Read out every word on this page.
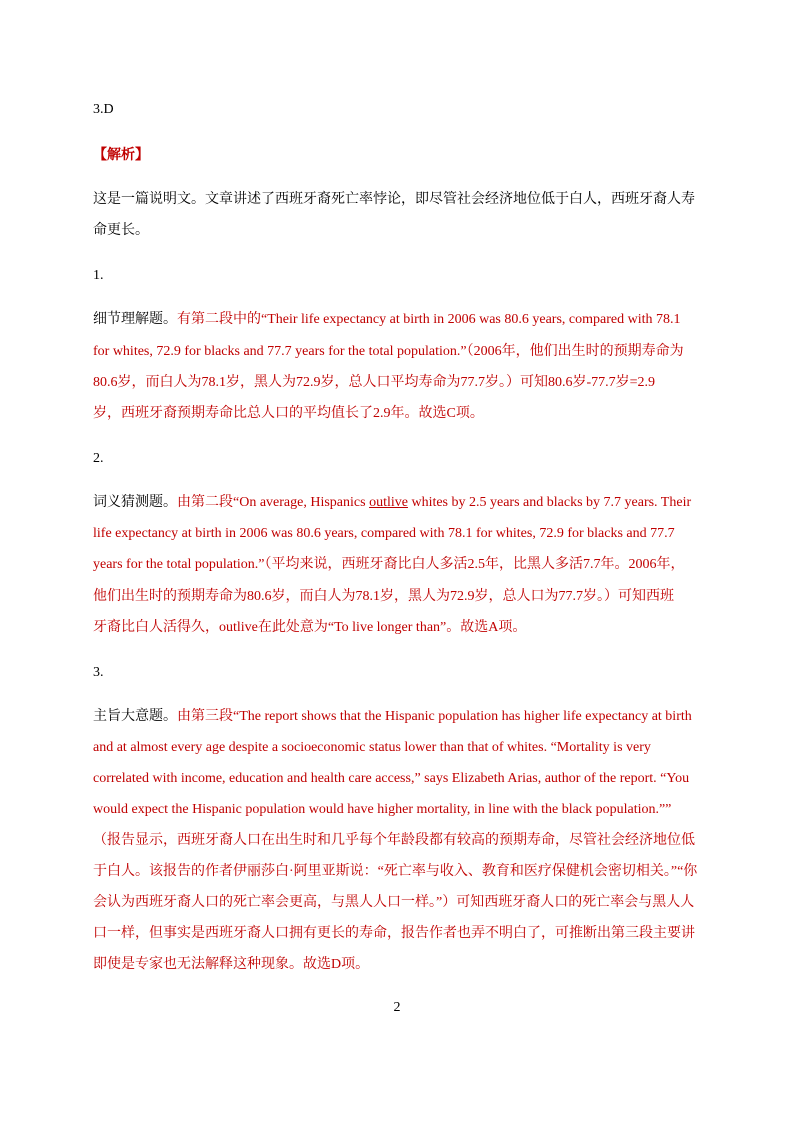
3.D
【解析】
这是一篇说明文。文章讲述了西班牙裔死亡率悖论，即尽管社会经济地位低于白人，西班牙裔人寿
命更长。
1.
细节理解题。有第二段中的“Their life expectancy at birth in 2006 was 80.6 years, compared with 78.1
for whites, 72.9 for blacks and 77.7 years for the total population.”（2006年，他们出生时的预期寿命为
80.6岁，而白人为78.1岁，黑人为72.9岁，总人口平均寿命为77.7岁。）可知80.6岁-77.7岁=2.9
岁，西班牙裔预期寿命比总人口的平均值长了2.9年。故选C项。
2.
词义猜测题。由第二段“On average, Hispanics outlive whites by 2.5 years and blacks by 7.7 years. Their
life expectancy at birth in 2006 was 80.6 years, compared with 78.1 for whites, 72.9 for blacks and 77.7
years for the total population.”（平均来说，西班牙裔比白人多活2.5年，比黑人多活7.7年。2006年，
他们出生时的预期寿命为80.6岁，而白人为78.1岁，黑人为72.9岁，总人口为77.7岁。）可知西班
牙裔比白人活得久，outlive在此处意为“To live longer than”。故选A项。
3.
主旨大意题。由第三段“The report shows that the Hispanic population has higher life expectancy at birth
and at almost every age despite a socioeconomic status lower than that of whites. “Mortality is very
correlated with income, education and health care access,” says Elizabeth Arias, author of the report. “You
would expect the Hispanic population would have higher mortality, in line with the black population.””
（报告显示，西班牙裔人口在出生时和几乎每个年龄段都有较高的预期寿命，尽管社会经济地位低
于白人。该报告的作者伊丽莎白·阿里亚斯说：“死亡率与收入、教育和医疗保健机会密切相关。”“你
会认为西班牙裔人口的死亡率会更高，与黑人人口一样。”）可知西班牙裔人口的死亡率会与黑人人
口一样，但事实是西班牙裔人口拥有更长的寿命，报告作者也弄不明白了，可推断出第三段主要讲
即使是专家也无法解释这种现象。故选D项。
2
